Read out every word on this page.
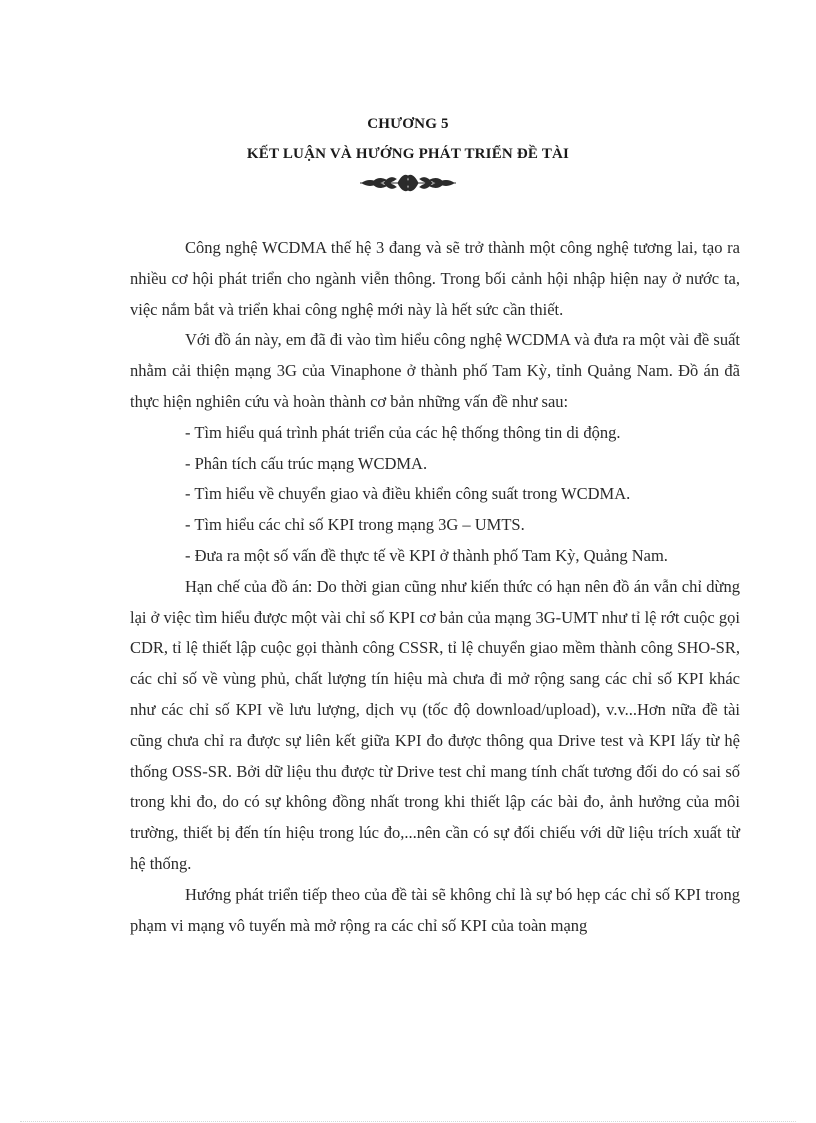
CHƯƠNG 5
KẾT LUẬN VÀ HƯỚNG PHÁT TRIỂN ĐỀ TÀI

Công nghệ WCDMA thế hệ 3 đang và sẽ trở thành một công nghệ tương lai, tạo ra nhiều cơ hội phát triển cho ngành viễn thông. Trong bối cảnh hội nhập hiện nay ở nước ta, việc nắm bắt và triển khai công nghệ mới này là hết sức cần thiết.

Với đồ án này, em đã đi vào tìm hiểu công nghệ WCDMA và đưa ra một vài đề suất nhằm cải thiện mạng 3G của Vinaphone ở thành phố Tam Kỳ, tỉnh Quảng Nam. Đồ án đã thực hiện nghiên cứu và hoàn thành cơ bản những vấn đề như sau:

- Tìm hiểu quá trình phát triển của các hệ thống thông tin di động.

- Phân tích cấu trúc mạng WCDMA.

- Tìm hiểu về chuyển giao và điều khiển công suất trong WCDMA.

- Tìm hiểu các chỉ số KPI trong mạng 3G – UMTS.

- Đưa ra một số vấn đề thực tế về KPI ở thành phố Tam Kỳ, Quảng Nam.

Hạn chế của đồ án: Do thời gian cũng như kiến thức có hạn nên đồ án vẫn chỉ dừng lại ở việc tìm hiểu được một vài chỉ số KPI cơ bản của mạng 3G-UMT như tỉ lệ rớt cuộc gọi CDR, tỉ lệ thiết lập cuộc gọi thành công CSSR, tỉ lệ chuyển giao mềm thành công SHO-SR, các chỉ số về vùng phủ, chất lượng tín hiệu mà chưa đi mở rộng sang các chỉ số KPI khác như các chỉ số KPI về lưu lượng, dịch vụ (tốc độ download/upload), v.v...Hơn nữa đề tài cũng chưa chỉ ra được sự liên kết giữa KPI đo được thông qua Drive test và KPI lấy từ hệ thống OSS-SR. Bởi dữ liệu thu được từ Drive test chỉ mang tính chất tương đối do có sai số trong khi đo, do có sự không đồng nhất trong khi thiết lập các bài đo, ảnh hưởng của môi trường, thiết bị đến tín hiệu trong lúc đo,...nên cần có sự đối chiếu với dữ liệu trích xuất từ hệ thống.

Hướng phát triển tiếp theo của đề tài sẽ không chỉ là sự bó hẹp các chỉ số KPI trong phạm vi mạng vô tuyến mà mở rộng ra các chỉ số KPI của toàn mạng
